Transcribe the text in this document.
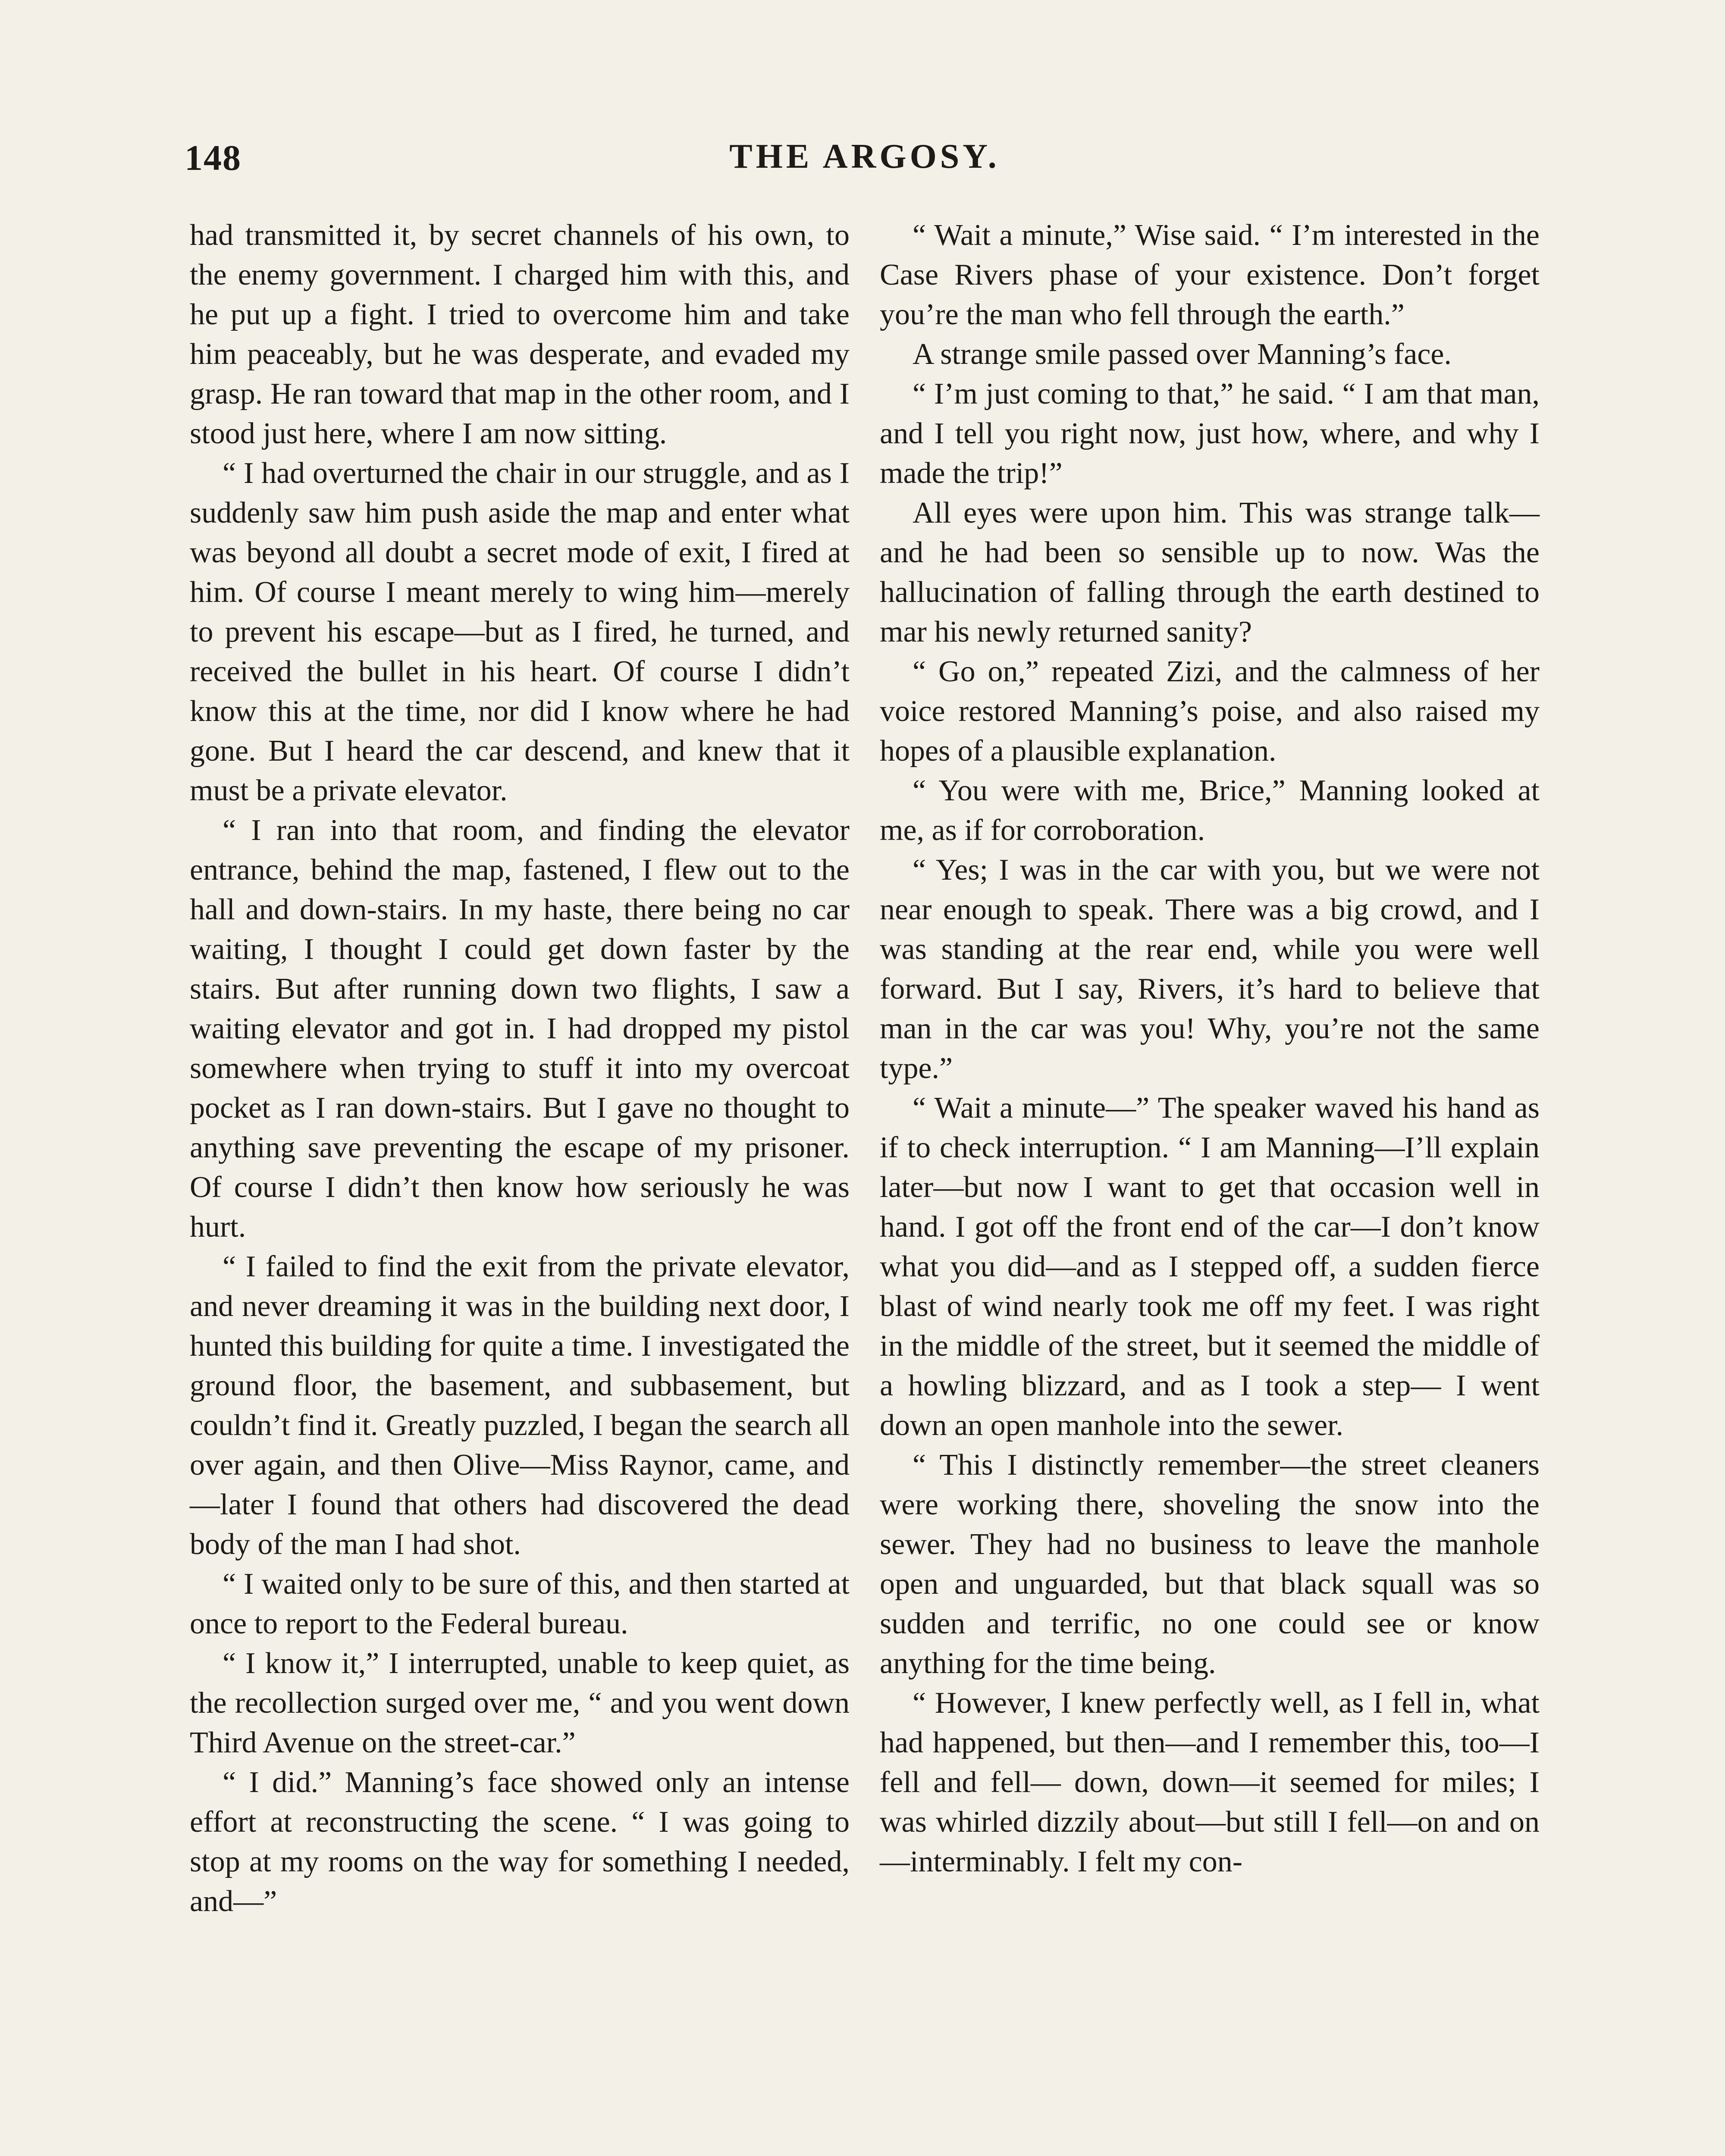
148	THE ARGOSY.

had transmitted it, by secret channels of his own, to the enemy government. I charged him with this, and he put up a fight. I tried to overcome him and take him peaceably, but he was desperate, and evaded my grasp. He ran toward that map in the other room, and I stood just here, where I am now sitting.

“ I had overturned the chair in our struggle, and as I suddenly saw him push aside the map and enter what was beyond all doubt a secret mode of exit, I fired at him. Of course I meant merely to wing him—merely to prevent his escape—but as I fired, he turned, and received the bullet in his heart. Of course I didn’t know this at the time, nor did I know where he had gone. But I heard the car descend, and knew that it must be a private elevator.

“ I ran into that room, and finding the elevator entrance, behind the map, fastened, I flew out to the hall and down-stairs. In my haste, there being no car waiting, I thought I could get down faster by the stairs. But after running down two flights, I saw a waiting elevator and got in. I had dropped my pistol somewhere when trying to stuff it into my overcoat pocket as I ran down-stairs. But I gave no thought to anything save preventing the escape of my prisoner. Of course I didn’t then know how seriously he was hurt.

“ I failed to find the exit from the private elevator, and never dreaming it was in the building next door, I hunted this building for quite a time. I investigated the ground floor, the basement, and subbasement, but couldn’t find it. Greatly puzzled, I began the search all over again, and then Olive—Miss Raynor, came, and —later I found that others had discovered the dead body of the man I had shot.

“ I waited only to be sure of this, and then started at once to report to the Federal bureau.

“ I know it,” I interrupted, unable to keep quiet, as the recollection surged over me, “ and you went down Third Avenue on the street-car.”

“ I did.” Manning’s face showed only an intense effort at reconstructing the scene. “ I was going to stop at my rooms on the way for something I needed, and—”

“ Wait a minute,” Wise said. “ I’m interested in the Case Rivers phase of your existence. Don’t forget you’re the man who fell through the earth.”

A strange smile passed over Manning’s face.

“ I’m just coming to that,” he said. “ I am that man, and I tell you right now, just how, where, and why I made the trip!”

All eyes were upon him. This was strange talk—and he had been so sensible up to now. Was the hallucination of falling through the earth destined to mar his newly returned sanity?

“ Go on,” repeated Zizi, and the calmness of her voice restored Manning’s poise, and also raised my hopes of a plausible explanation.

“ You were with me, Brice,” Manning looked at me, as if for corroboration.

“ Yes; I was in the car with you, but we were not near enough to speak. There was a big crowd, and I was standing at the rear end, while you were well forward. But I say, Rivers, it’s hard to believe that man in the car was you! Why, you’re not the same type.”

“ Wait a minute—” The speaker waved his hand as if to check interruption. “ I am Manning—I’ll explain later—but now I want to get that occasion well in hand. I got off the front end of the car—I don’t know what you did—and as I stepped off, a sudden fierce blast of wind nearly took me off my feet. I was right in the middle of the street, but it seemed the middle of a howling blizzard, and as I took a step— I went down an open manhole into the sewer.

“ This I distinctly remember—the street cleaners were working there, shoveling the snow into the sewer. They had no business to leave the manhole open and unguarded, but that black squall was so sudden and terrific, no one could see or know anything for the time being.

“ However, I knew perfectly well, as I fell in, what had happened, but then—and I remember this, too—I fell and fell— down, down—it seemed for miles; I was whirled dizzily about—but still I fell—on and on—interminably. I felt my con-
